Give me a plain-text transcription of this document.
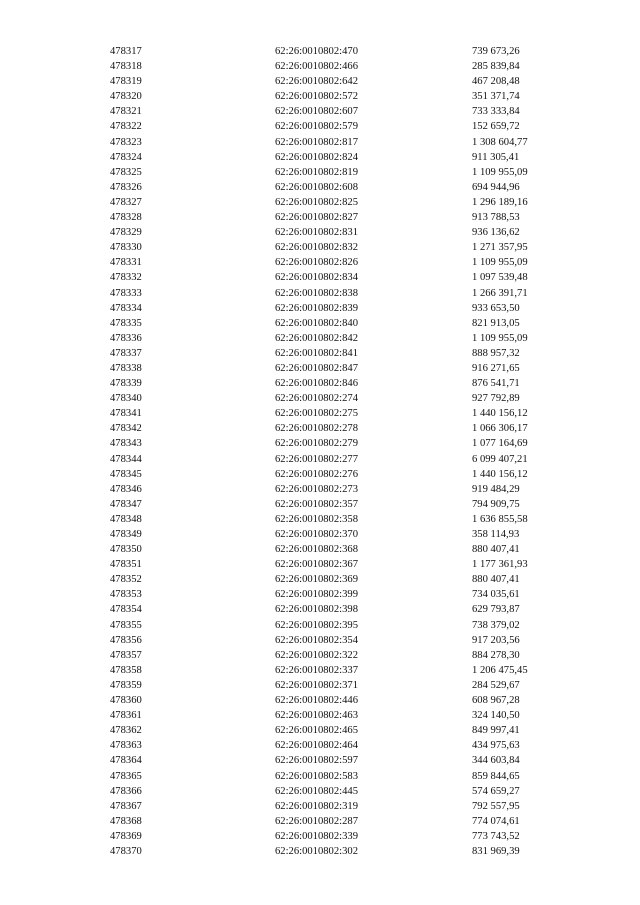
478317	62:26:0010802:470	739 673,26
478318	62:26:0010802:466	285 839,84
478319	62:26:0010802:642	467 208,48
478320	62:26:0010802:572	351 371,74
478321	62:26:0010802:607	733 333,84
478322	62:26:0010802:579	152 659,72
478323	62:26:0010802:817	1 308 604,77
478324	62:26:0010802:824	911 305,41
478325	62:26:0010802:819	1 109 955,09
478326	62:26:0010802:608	694 944,96
478327	62:26:0010802:825	1 296 189,16
478328	62:26:0010802:827	913 788,53
478329	62:26:0010802:831	936 136,62
478330	62:26:0010802:832	1 271 357,95
478331	62:26:0010802:826	1 109 955,09
478332	62:26:0010802:834	1 097 539,48
478333	62:26:0010802:838	1 266 391,71
478334	62:26:0010802:839	933 653,50
478335	62:26:0010802:840	821 913,05
478336	62:26:0010802:842	1 109 955,09
478337	62:26:0010802:841	888 957,32
478338	62:26:0010802:847	916 271,65
478339	62:26:0010802:846	876 541,71
478340	62:26:0010802:274	927 792,89
478341	62:26:0010802:275	1 440 156,12
478342	62:26:0010802:278	1 066 306,17
478343	62:26:0010802:279	1 077 164,69
478344	62:26:0010802:277	6 099 407,21
478345	62:26:0010802:276	1 440 156,12
478346	62:26:0010802:273	919 484,29
478347	62:26:0010802:357	794 909,75
478348	62:26:0010802:358	1 636 855,58
478349	62:26:0010802:370	358 114,93
478350	62:26:0010802:368	880 407,41
478351	62:26:0010802:367	1 177 361,93
478352	62:26:0010802:369	880 407,41
478353	62:26:0010802:399	734 035,61
478354	62:26:0010802:398	629 793,87
478355	62:26:0010802:395	738 379,02
478356	62:26:0010802:354	917 203,56
478357	62:26:0010802:322	884 278,30
478358	62:26:0010802:337	1 206 475,45
478359	62:26:0010802:371	284 529,67
478360	62:26:0010802:446	608 967,28
478361	62:26:0010802:463	324 140,50
478362	62:26:0010802:465	849 997,41
478363	62:26:0010802:464	434 975,63
478364	62:26:0010802:597	344 603,84
478365	62:26:0010802:583	859 844,65
478366	62:26:0010802:445	574 659,27
478367	62:26:0010802:319	792 557,95
478368	62:26:0010802:287	774 074,61
478369	62:26:0010802:339	773 743,52
478370	62:26:0010802:302	831 969,39
